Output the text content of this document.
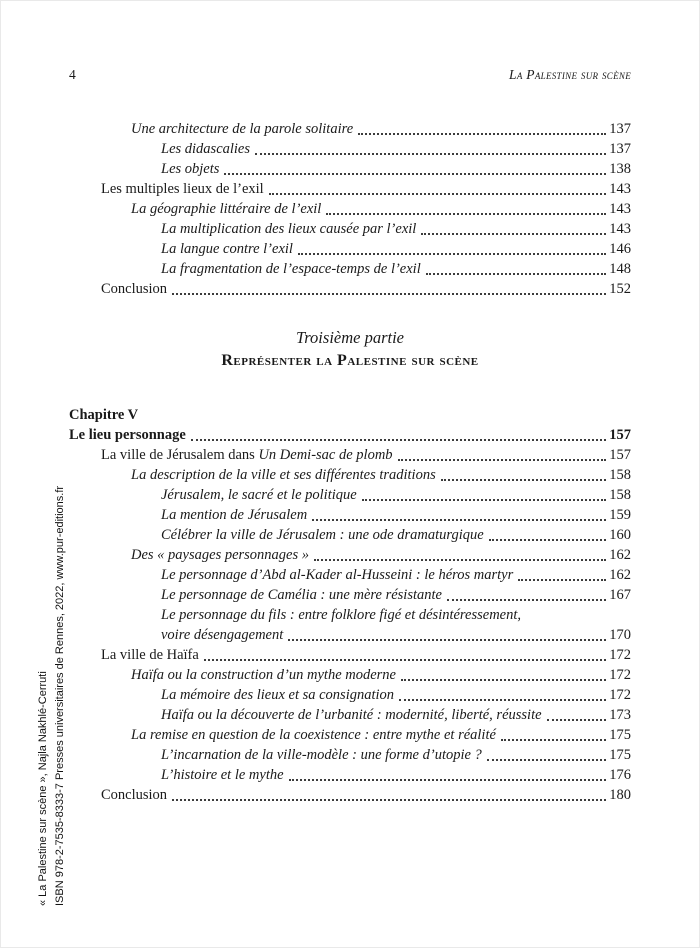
4	La Palestine sur scène
Une architecture de la parole solitaire	137
Les didascalies	137
Les objets	138
Les multiples lieux de l’exil	143
La géographie littéraire de l’exil	143
La multiplication des lieux causée par l’exil	143
La langue contre l’exil	146
La fragmentation de l’espace-temps de l’exil	148
Conclusion	152
Troisième partie
Représenter la Palestine sur scène
Chapitre V
Le lieu personnage	157
La ville de Jérusalem dans Un Demi-sac de plomb	157
La description de la ville et ses différentes traditions	158
Jérusalem, le sacré et le politique	158
La mention de Jérusalem	159
Célébrer la ville de Jérusalem : une ode dramaturgique	160
Des « paysages personnages »	162
Le personnage d’Abd al-Kader al-Husseini : le héros martyr	162
Le personnage de Camélia : une mère résistante	167
Le personnage du fils : entre folklore figé et désintéressement,
voire désengagement	170
La ville de Haïfa	172
Haïfa ou la construction d’un mythe moderne	172
La mémoire des lieux et sa consignation	172
Haïfa ou la découverte de l’urbanité : modernité, liberté, réussite	173
La remise en question de la coexistence : entre mythe et réalité	175
L’incarnation de la ville-modèle : une forme d’utopie ?	175
L’histoire et le mythe	176
Conclusion	180
« La Palestine sur scène », Najla Nakhlé-Cerruti ISBN 978-2-7535-8333-7 Presses universitaires de Rennes, 2022, www.pur-editions.fr
